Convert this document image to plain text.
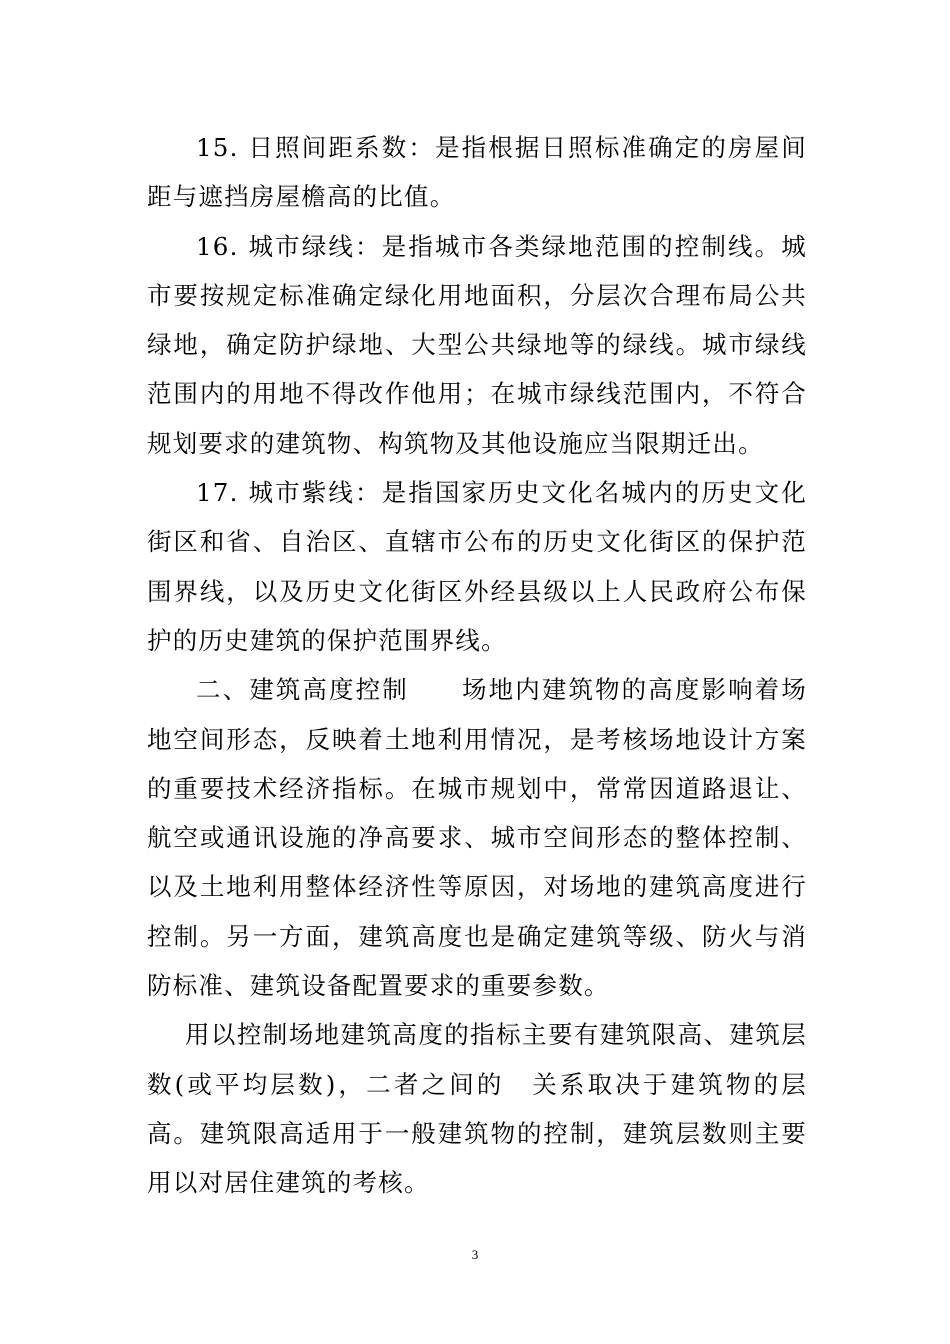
15. 日照间距系数：是指根据日照标准确定的房屋间距与遮挡房屋檐高的比值。

16. 城市绿线：是指城市各类绿地范围的控制线。城市要按规定标准确定绿化用地面积，分层次合理布局公共绿地，确定防护绿地、大型公共绿地等的绿线。城市绿线范围内的用地不得改作他用；在城市绿线范围内，不符合规划要求的建筑物、构筑物及其他设施应当限期迁出。

17. 城市紫线：是指国家历史文化名城内的历史文化街区和省、自治区、直辖市公布的历史文化街区的保护范围界线，以及历史文化街区外经县级以上人民政府公布保护的历史建筑的保护范围界线。

二、建筑高度控制　　场地内建筑物的高度影响着场地空间形态，反映着土地利用情况，是考核场地设计方案的重要技术经济指标。在城市规划中，常常因道路退让、航空或通讯设施的净高要求、城市空间形态的整体控制、以及土地利用整体经济性等原因，对场地的建筑高度进行控制。另一方面，建筑高度也是确定建筑等级、防火与消防标准、建筑设备配置要求的重要参数。

用以控制场地建筑高度的指标主要有建筑限高、建筑层数(或平均层数)，二者之间的　关系取决于建筑物的层高。建筑限高适用于一般建筑物的控制，建筑层数则主要用以对居住建筑的考核。

3
